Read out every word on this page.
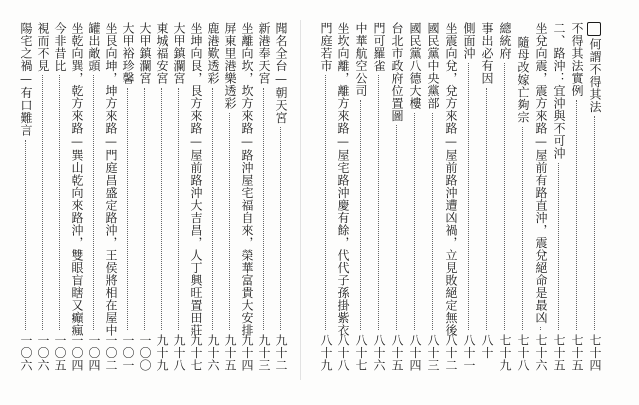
陽宅之禍—有口難言
一〇六
視而不見
一〇六
今非昔比
一〇五
坐乾向巽，乾方來路—巽山乾向來路沖，雙眼盲瞎又癲瘋
一〇四
罐出敵頭
一〇四
坐艮向坤，坤方來路—門庭昌盛定路沖，王侯將相在屋中
一〇二
大甲裕珍馨
一〇一
大甲鎮瀾宮
一〇〇
東城福安宮
九十九
大甲鎮瀾宮
九十八
坐坤向艮，艮方來路—屋前路沖大吉昌，人丁興旺置田莊
九十七
鹿港歎透彩
九十六
屏東里港樂透彩
九十五
坐離向坎，坎方來路—路沖屋宅福自來，榮華富貴大安排
九十四
新港奉天宮
九十三
聞名全台—朝天宮
九十二
門庭若市
八十九
坐坎向離，離方來路—屋宅路沖慶有餘，代代子孫掛紫衣
八十八
中華航空公司
八十七
門可羅雀
八十六
台北市政府位置圖
八十五
國民黨八德大樓
八十四
國民黨中央黨部
八十三
坐震向兌，兌方來路—屋前路沖遭凶禍，立見敗絕定無後
八十二
側面沖
八十一
事出必有因
八十
總統府
七十九
隨母改嫁亡夠宗
七十八
坐兌向震，震方來路—屋前有路直沖，震兌絕命是最凶
七十六
二、路沖：宜沖與不可沖
七十五
不得其法實例
七十五
何謂不得其法
七十四
